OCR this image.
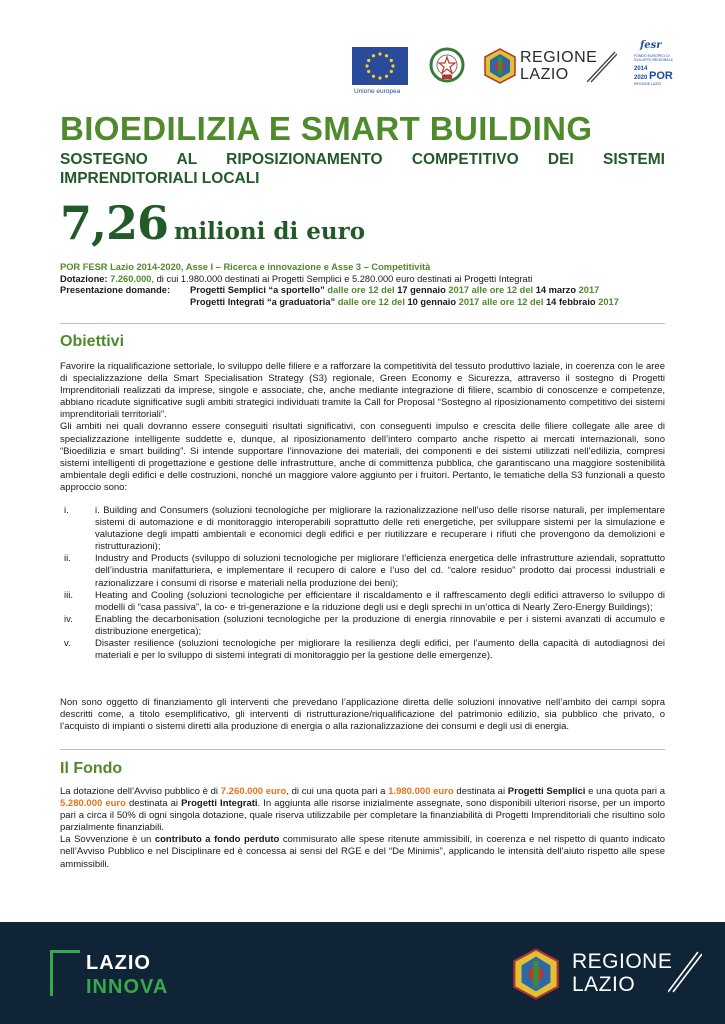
Unione europea
REGIONE
LAZIO
fesr
FONDO EUROPEO DI SVILUPPO REGIONALE
2014
2020 POR
REGIONE LAZIO
BIOEDILIZIA E SMART BUILDING
SOSTEGNO AL RIPOSIZIONAMENTO COMPETITIVO DEI SISTEMI IMPRENDITORIALI LOCALI
7,26 milioni di euro
POR FESR Lazio 2014-2020, Asse I – Ricerca e innovazione e Asse 3 – Competitività
Dotazione: 7.260.000, di cui 1.980.000 destinati ai Progetti Semplici e 5.280.000 euro destinati ai Progetti Integrati
Presentazione domande: Progetti Semplici “a sportello” dalle ore 12 del 17 gennaio 2017 alle ore 12 del 14 marzo 2017
Progetti Integrati “a graduatoria” dalle ore 12 del 10 gennaio 2017 alle ore 12 del 14 febbraio 2017
Obiettivi

Favorire la riqualificazione settoriale, lo sviluppo delle filiere e a rafforzare la competitività del tessuto produttivo laziale, in coerenza con le aree di specializzazione della Smart Specialisation Strategy (S3) regionale, Green Economy e Sicurezza, attraverso il sostegno di Progetti Imprenditoriali realizzati da imprese, singole e associate, che, anche mediante integrazione di filiere, scambio di conoscenze e competenze, abbiano ricadute significative sugli ambiti strategici individuati tramite la Call for Proposal “Sostegno al riposizionamento competitivo dei sistemi imprenditoriali territoriali”.

Gli ambiti nei quali dovranno essere conseguiti risultati significativi, con conseguenti impulso e crescita delle filiere collegate alle aree di specializzazione intelligente suddette e, dunque, al riposizionamento dell’intero comparto anche rispetto ai mercati internazionali, sono “Bioedilizia e smart building”. Si intende supportare l’innovazione dei materiali, dei componenti e dei sistemi utilizzati nell’edilizia, compresi sistemi intelligenti di progettazione e gestione delle infrastrutture, anche di committenza pubblica, che garantiscano una maggiore sostenibilità ambientale degli edifici e delle costruzioni, nonché un maggiore valore aggiunto per i fruitori. Pertanto, le tematiche della S3 funzionali a questo approccio sono:

i.	i. Building and Consumers (soluzioni tecnologiche per migliorare la razionalizzazione nell’uso delle risorse naturali, per implementare sistemi di automazione e di monitoraggio interoperabili soprattutto delle reti energetiche, per sviluppare sistemi per la simulazione e valutazione degli impatti ambientali e economici degli edifici e per riutilizzare e recuperare i rifiuti che provengono da demolizioni e ristrutturazioni);
ii.	Industry and Products (sviluppo di soluzioni tecnologiche per migliorare l’efficienza energetica delle infrastrutture aziendali, soprattutto dell’industria manifatturiera, e implementare il recupero di calore e l’uso del cd. “calore residuo” prodotto dai processi industriali e razionalizzare i consumi di risorse e materiali nella produzione dei beni);
iii. Heating and Cooling (soluzioni tecnologiche per efficientare il riscaldamento e il raffrescamento degli edifici attraverso lo sviluppo di modelli di “casa passiva”, la co- e tri-generazione e la riduzione degli usi e degli sprechi in un’ottica di Nearly Zero-Energy Buildings);
iv. Enabling the decarbonisation (soluzioni tecnologiche per la produzione di energia rinnovabile e per i sistemi avanzati di accumulo e distribuzione energetica);
v.	Disaster resilience (soluzioni tecnologiche per migliorare la resilienza degli edifici, per l’aumento della capacità di autodiagnosi dei materiali e per lo sviluppo di sistemi integrati di monitoraggio per la gestione delle emergenze).
Non sono oggetto di finanziamento gli interventi che prevedano l’applicazione diretta delle soluzioni innovative nell’ambito dei campi sopra descritti come, a titolo esemplificativo, gli interventi di ristrutturazione/riqualificazione del patrimonio edilizio, sia pubblico che privato, o l’acquisto di impianti o sistemi diretti alla produzione di energia o alla razionalizzazione dei consumi e degli usi di energia.
Il Fondo

La dotazione dell’Avviso pubblico è di 7.260.000 euro, di cui una quota pari a 1.980.000 euro destinata ai Progetti Semplici e una quota pari a 5.280.000 euro destinata ai Progetti Integrati. In aggiunta alle risorse inizialmente assegnate, sono disponibili ulteriori risorse, per un importo pari a circa il 50% di ogni singola dotazione, quale riserva utilizzabile per completare la finanziabilità di Progetti Imprenditoriali che risultino solo parzialmente finanziabili.

La Sovvenzione è un contributo a fondo perduto commisurato alle spese ritenute ammissibili, in coerenza e nel rispetto di quanto indicato nell’Avviso Pubblico e nel Disciplinare ed è concessa ai sensi del RGE e del “De Minimis”, applicando le intensità dell’aiuto rispetto alle spese ammissibili.

LAZIO
INNOVA
REGIONE
LAZIO
